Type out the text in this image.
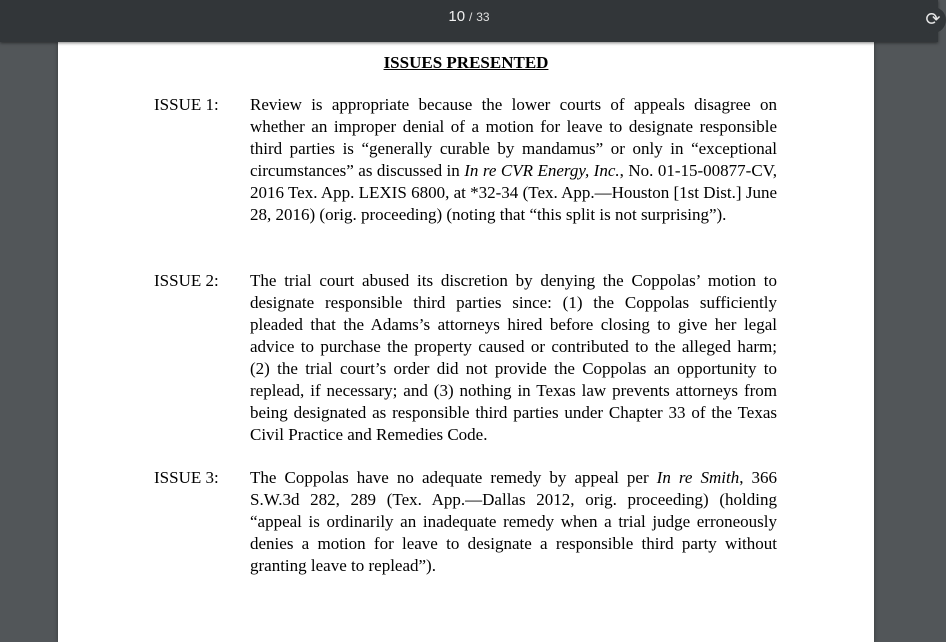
10 / 33	⟳
ISSUES PRESENTED
ISSUE 1: Review is appropriate because the lower courts of appeals disagree on whether an improper denial of a motion for leave to designate responsible third parties is “generally curable by mandamus” or only in “exceptional circumstances” as discussed in In re CVR Energy, Inc., No. 01-15-00877-CV, 2016 Tex. App. LEXIS 6800, at *32-34 (Tex. App.—Houston [1st Dist.] June 28, 2016) (orig. proceeding) (noting that “this split is not surprising”).
ISSUE 2: The trial court abused its discretion by denying the Coppolas’ motion to designate responsible third parties since: (1) the Coppolas sufficiently pleaded that the Adams’s attorneys hired before closing to give her legal advice to purchase the property caused or contributed to the alleged harm; (2) the trial court’s order did not provide the Coppolas an opportunity to replead, if necessary; and (3) nothing in Texas law prevents attorneys from being designated as responsible third parties under Chapter 33 of the Texas Civil Practice and Remedies Code.
ISSUE 3: The Coppolas have no adequate remedy by appeal per In re Smith, 366 S.W.3d 282, 289 (Tex. App.—Dallas 2012, orig. proceeding) (holding “appeal is ordinarily an inadequate remedy when a trial judge erroneously denies a motion for leave to designate a responsible third party without granting leave to replead”).
